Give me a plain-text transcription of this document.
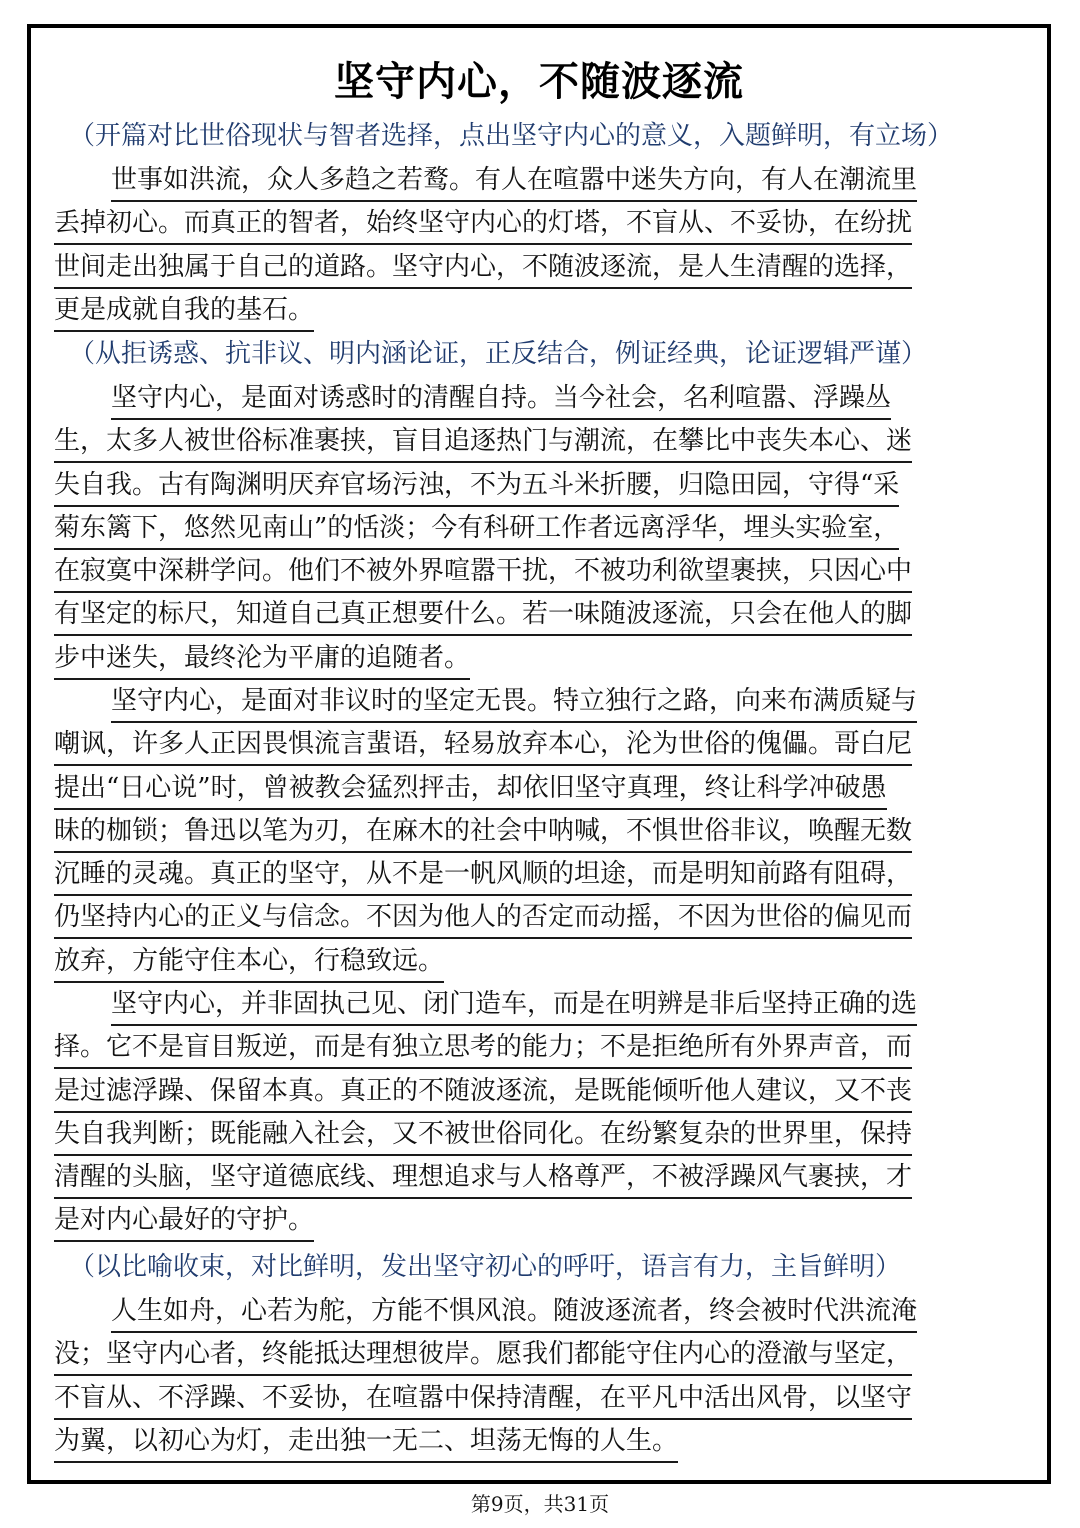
坚守内心，不随波逐流
（开篇对比世俗现状与智者选择，点出坚守内心的意义，入题鲜明，有立场）
世事如洪流，众人多趋之若鹜。有人在喧嚣中迷失方向，有人在潮流里
丢掉初心。而真正的智者，始终坚守内心的灯塔，不盲从、不妥协，在纷扰
世间走出独属于自己的道路。坚守内心，不随波逐流，是人生清醒的选择，
更是成就自我的基石。
（从拒诱惑、抗非议、明内涵论证，正反结合，例证经典，论证逻辑严谨）
坚守内心，是面对诱惑时的清醒自持。当今社会，名利喧嚣、浮躁丛
生，太多人被世俗标准裹挟，盲目追逐热门与潮流，在攀比中丧失本心、迷
失自我。古有陶渊明厌弃官场污浊，不为五斗米折腰，归隐田园，守得“采
菊东篱下，悠然见南山”的恬淡；今有科研工作者远离浮华，埋头实验室，
在寂寞中深耕学问。他们不被外界喧嚣干扰，不被功利欲望裹挟，只因心中
有坚定的标尺，知道自己真正想要什么。若一味随波逐流，只会在他人的脚
步中迷失，最终沦为平庸的追随者。
坚守内心，是面对非议时的坚定无畏。特立独行之路，向来布满质疑与
嘲讽，许多人正因畏惧流言蜚语，轻易放弃本心，沦为世俗的傀儡。哥白尼
提出“日心说”时，曾被教会猛烈抨击，却依旧坚守真理，终让科学冲破愚
昧的枷锁；鲁迅以笔为刃，在麻木的社会中呐喊，不惧世俗非议，唤醒无数
沉睡的灵魂。真正的坚守，从不是一帆风顺的坦途，而是明知前路有阻碍，
仍坚持内心的正义与信念。不因为他人的否定而动摇，不因为世俗的偏见而
放弃，方能守住本心，行稳致远。
坚守内心，并非固执己见、闭门造车，而是在明辨是非后坚持正确的选
择。它不是盲目叛逆，而是有独立思考的能力；不是拒绝所有外界声音，而
是过滤浮躁、保留本真。真正的不随波逐流，是既能倾听他人建议，又不丧
失自我判断；既能融入社会，又不被世俗同化。在纷繁复杂的世界里，保持
清醒的头脑，坚守道德底线、理想追求与人格尊严，不被浮躁风气裹挟，才
是对内心最好的守护。
（以比喻收束，对比鲜明，发出坚守初心的呼吁，语言有力，主旨鲜明）
人生如舟，心若为舵，方能不惧风浪。随波逐流者，终会被时代洪流淹
没；坚守内心者，终能抵达理想彼岸。愿我们都能守住内心的澄澈与坚定，
不盲从、不浮躁、不妥协，在喧嚣中保持清醒，在平凡中活出风骨，以坚守
为翼，以初心为灯，走出独一无二、坦荡无悔的人生。
第9页，共31页
